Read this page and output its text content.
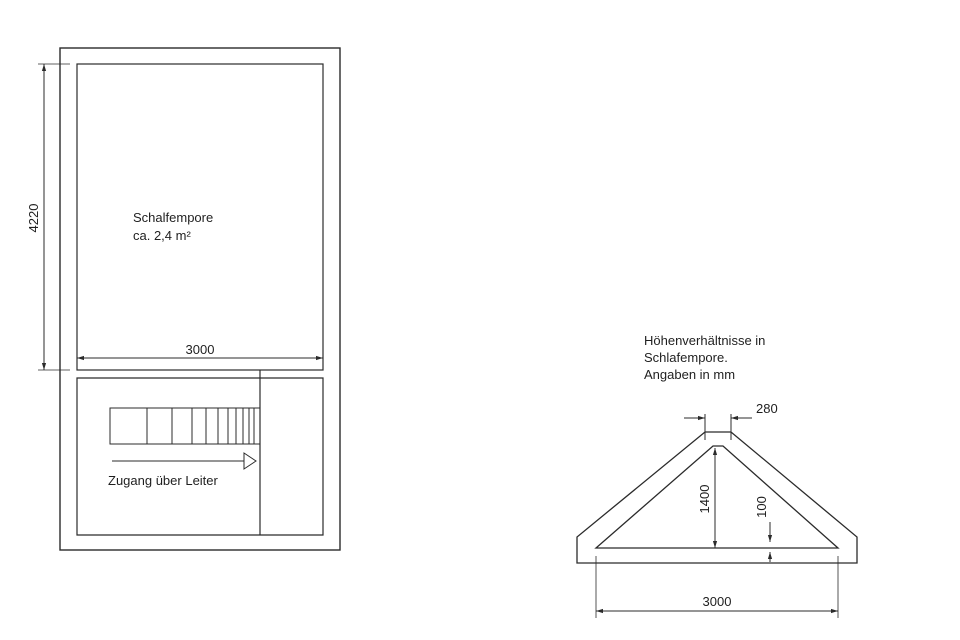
Schalfempore
ca. 2,4 m²
Zugang über Leiter
4220
3000
Höhenverhältnisse in
Schlafempore.
Angaben in mm
280
1400	100
3000
